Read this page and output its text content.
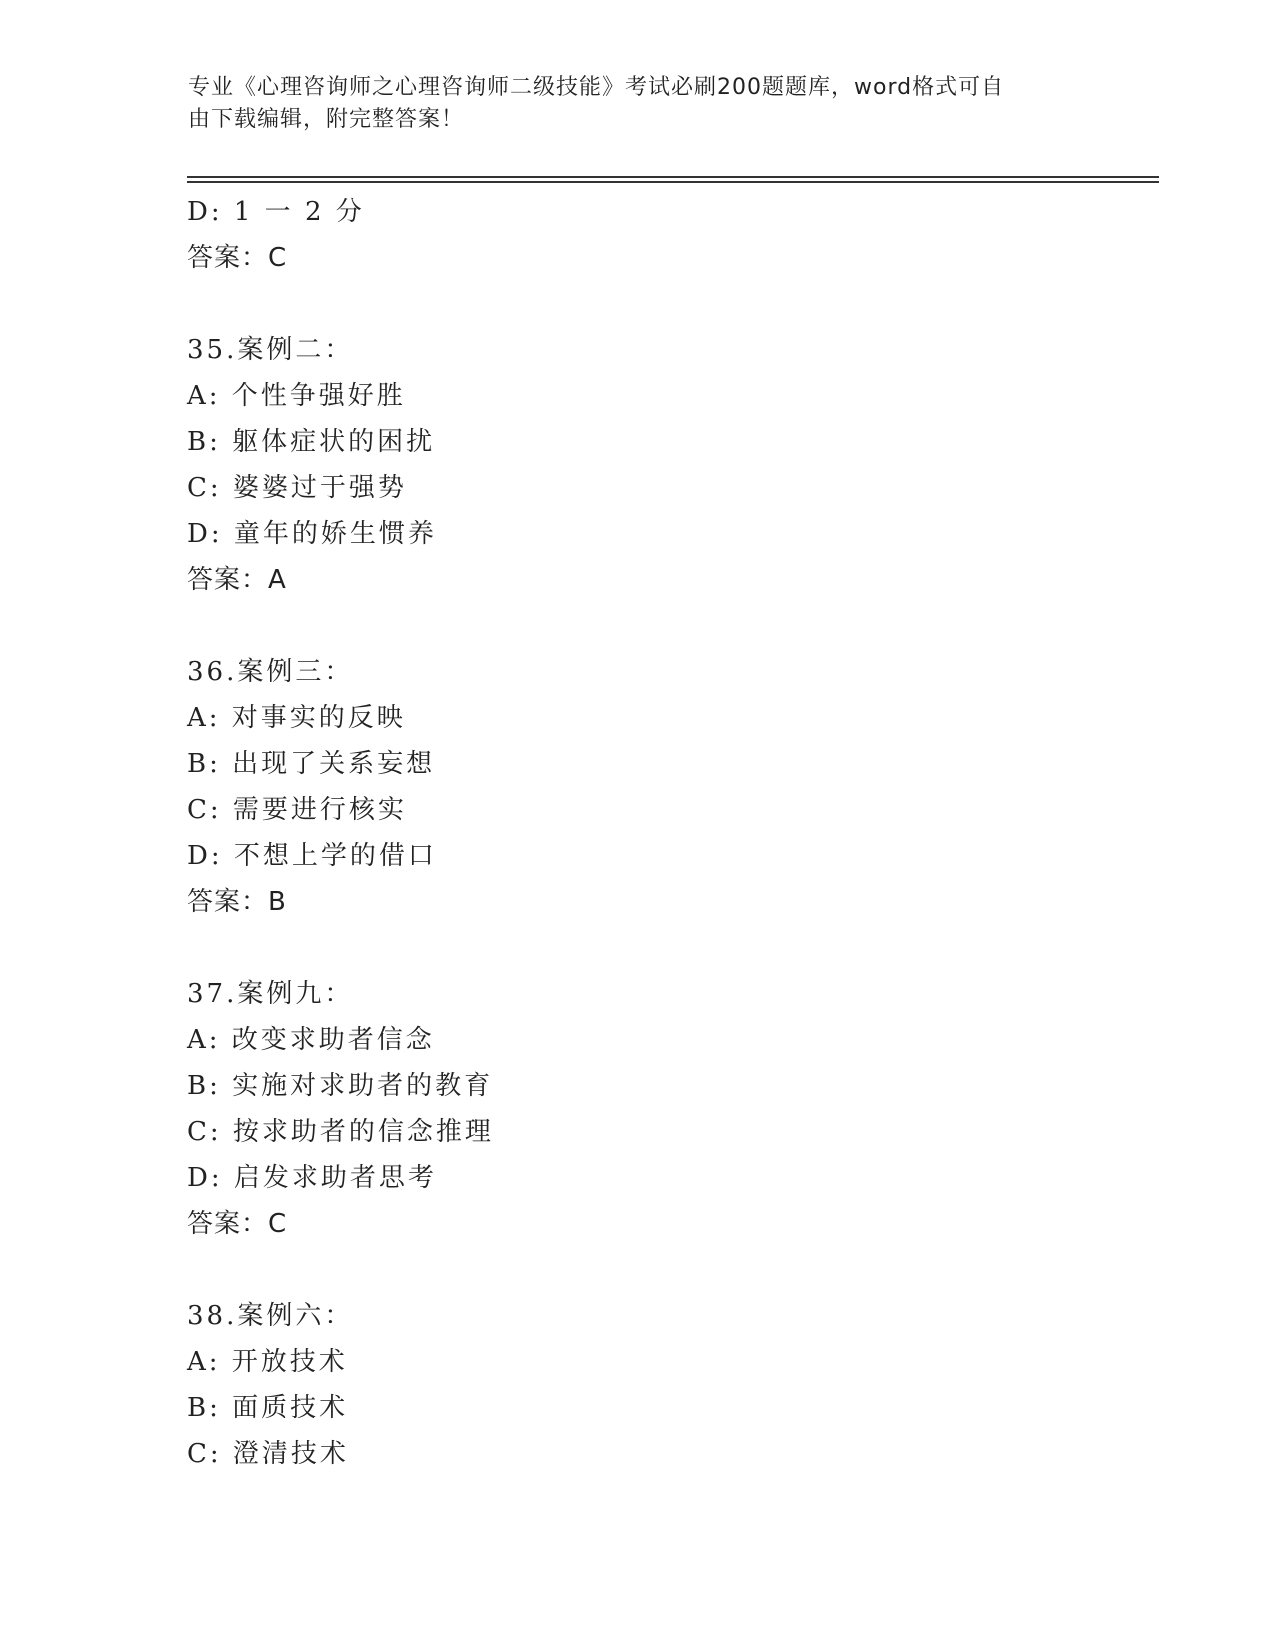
专业《心理咨询师之心理咨询师二级技能》考试必刷200题题库，word格式可自
由下载编辑，附完整答案！
D: 1 一 2 分
答案：C
35.案例二：
A: 个性争强好胜
B: 躯体症状的困扰
C: 婆婆过于强势
D: 童年的娇生惯养
答案：A
36.案例三：
A: 对事实的反映
B: 出现了关系妄想
C: 需要进行核实
D: 不想上学的借口
答案：B
37.案例九：
A: 改变求助者信念
B: 实施对求助者的教育
C: 按求助者的信念推理
D: 启发求助者思考
答案：C
38.案例六：
A: 开放技术
B: 面质技术
C: 澄清技术
